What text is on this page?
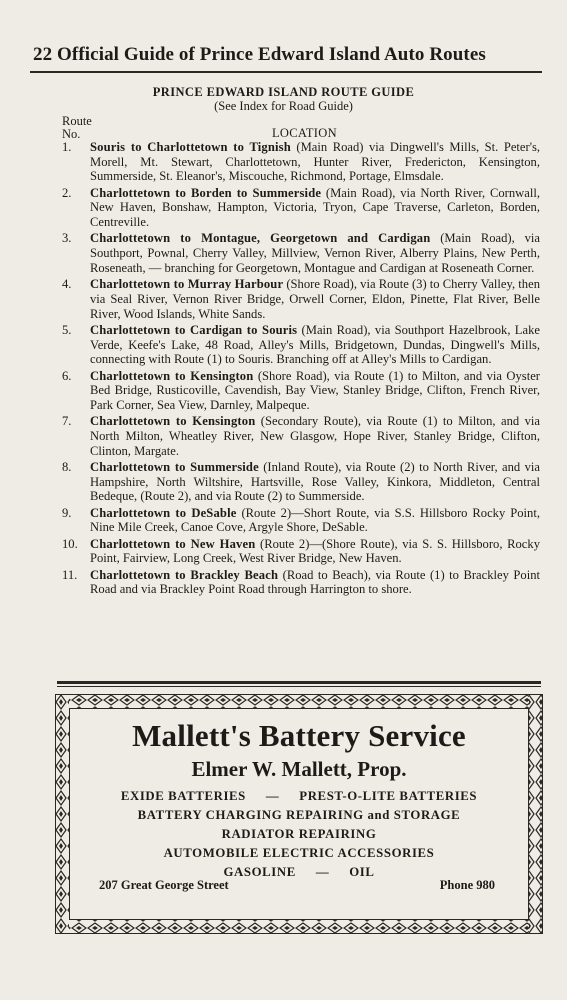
22 Official Guide of Prince Edward Island Auto Routes
PRINCE EDWARD ISLAND ROUTE GUIDE
(See Index for Road Guide)
Route
No.	LOCATION
1.	Souris to Charlottetown to Tignish (Main Road) via Dingwell's Mills, St. Peter's, Morell, Mt. Stewart, Charlottetown, Hunter River, Fredericton, Kensington, Summerside, St. Eleanor's, Miscouche, Richmond, Portage, Elmsdale.
2.	Charlottetown to Borden to Summerside (Main Road), via North River, Cornwall, New Haven, Bonshaw, Hampton, Victoria, Tryon, Cape Traverse, Carleton, Borden, Centreville.
3.	Charlottetown to Montague, Georgetown and Cardigan (Main Road), via Southport, Pownal, Cherry Valley, Millview, Vernon River, Alberry Plains, New Perth, Roseneath, — branching for Georgetown, Montague and Cardigan at Roseneath Corner.
4.	Charlottetown to Murray Harbour (Shore Road), via Route (3) to Cherry Valley, then via Seal River, Vernon River Bridge, Orwell Corner, Eldon, Pinette, Flat River, Belle River, Wood Islands, White Sands.
5.	Charlottetown to Cardigan to Souris (Main Road), via Southport Hazelbrook, Lake Verde, Keefe's Lake, 48 Road, Alley's Mills, Bridgetown, Dundas, Dingwell's Mills, connecting with Route (1) to Souris. Branching off at Alley's Mills to Cardigan.
6.	Charlottetown to Kensington (Shore Road), via Route (1) to Milton, and via Oyster Bed Bridge, Rusticoville, Cavendish, Bay View, Stanley Bridge, Clifton, French River, Park Corner, Sea View, Darnley, Malpeque.
7.	Charlottetown to Kensington (Secondary Route), via Route (1) to Milton, and via North Milton, Wheatley River, New Glasgow, Hope River, Stanley Bridge, Clifton, Clinton, Margate.
8.	Charlottetown to Summerside (Inland Route), via Route (2) to North River, and via Hampshire, North Wiltshire, Hartsville, Rose Valley, Kinkora, Middleton, Central Bedeque, (Route 2), and via Route (2) to Summerside.
9.	Charlottetown to DeSable (Route 2)—Short Route, via S.S. Hillsboro Rocky Point, Nine Mile Creek, Canoe Cove, Argyle Shore, DeSable.
10. Charlottetown to New Haven (Route 2)—(Shore Route), via S. S. Hillsboro, Rocky Point, Fairview, Long Creek, West River Bridge, New Haven.
11.	Charlottetown to Brackley Beach (Road to Beach), via Route (1) to Brackley Point Road and via Brackley Point Road through Harrington to shore.
Mallett's Battery Service
Elmer W. Mallett, Prop.
EXIDE BATTERIES — PREST-O-LITE BATTERIES
BATTERY CHARGING REPAIRING and STORAGE
RADIATOR REPAIRING
AUTOMOBILE ELECTRIC ACCESSORIES
GASOLINE — OIL
207 Great George Street	Phone 980
